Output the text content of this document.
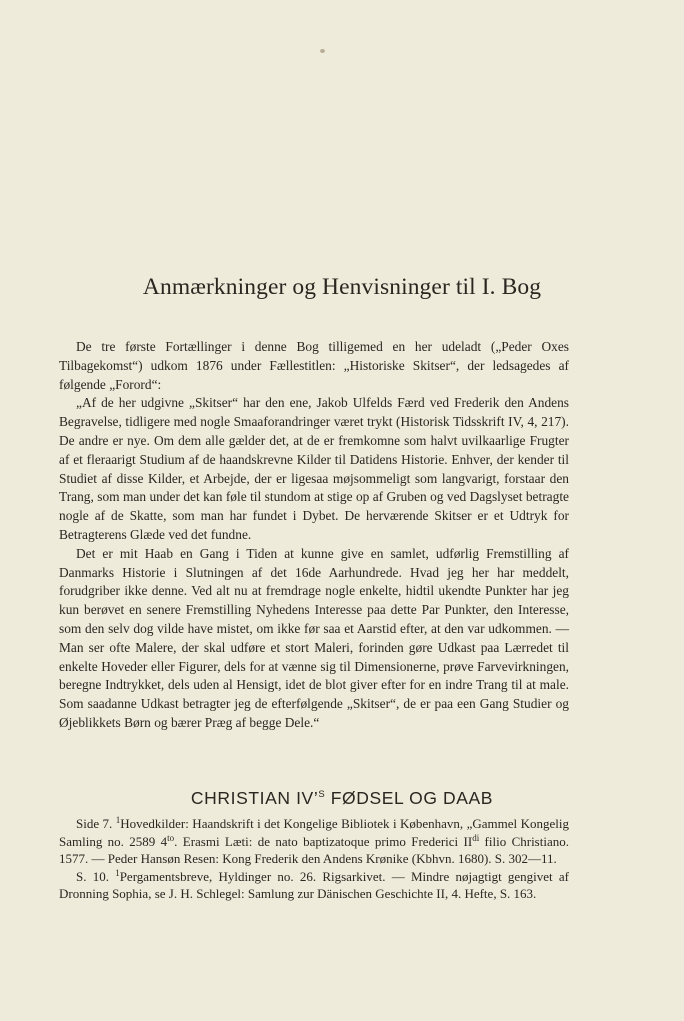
Anmærkninger og Henvisninger til I. Bog

De tre første Fortællinger i denne Bog tilligemed en her udeladt („Peder Oxes Tilbagekomst“) udkom 1876 under Fællestitlen: „Historiske Skitser“, der ledsagedes af følgende „Forord“:

„Af de her udgivne „Skitser“ har den ene, Jakob Ulfelds Færd ved Frederik den Andens Begravelse, tidligere med nogle Smaaforandringer været trykt (Historisk Tidsskrift IV, 4, 217). De andre er nye. Om dem alle gælder det, at de er fremkomne som halvt uvilkaarlige Frugter af et fleraarigt Studium af de haandskrevne Kilder til Datidens Historie. Enhver, der kender til Studiet af disse Kilder, et Arbejde, der er ligesaa møjsommeligt som langvarigt, forstaar den Trang, som man under det kan føle til stundom at stige op af Gruben og ved Dagslyset betragte nogle af de Skatte, som man har fundet i Dybet. De herværende Skitser er et Udtryk for Betragterens Glæde ved det fundne.

Det er mit Haab en Gang i Tiden at kunne give en samlet, udførlig Fremstilling af Danmarks Historie i Slutningen af det 16de Aarhundrede. Hvad jeg her har meddelt, forudgriber ikke denne. Ved alt nu at fremdrage nogle enkelte, hidtil ukendte Punkter har jeg kun berøvet en senere Fremstilling Nyhedens Interesse paa dette Par Punkter, den Interesse, som den selv dog vilde have mistet, om ikke før saa et Aarstid efter, at den var udkommen. — Man ser ofte Malere, der skal udføre et stort Maleri, forinden gøre Udkast paa Lærredet til enkelte Hoveder eller Figurer, dels for at vænne sig til Dimensionerne, prøve Farvevirkningen, beregne Indtrykket, dels uden al Hensigt, idet de blot giver efter for en indre Trang til at male. Som saadanne Udkast betragter jeg de efterfølgende „Skitser“, de er paa een Gang Studier og Øjeblikkets Børn og bærer Præg af begge Dele.“

CHRISTIAN IV’$^S$ FØDSEL OG DAAB

Side 7. $^1$Hovedkilder: Haandskrift i det Kongelige Bibliotek i København, „Gammel Kongelig Samling no. 2589 $4^{to}$. Erasmi Læti: de nato baptizatoque primo Frederici $II^{di}$ filio Christiano. 1577. — Peder Hansøn Resen: Kong Frederik den Andens Krønike (Kbhvn. 1680). S. 302—11.

S. 10. $^1$Pergamentsbreve, Hyldinger no. 26. Rigsarkivet. — Mindre nøjagtigt gengivet af Dronning Sophia, se J. H. Schlegel: Samlung zur Dänischen Geschichte II, 4. Hefte, S. 163.
